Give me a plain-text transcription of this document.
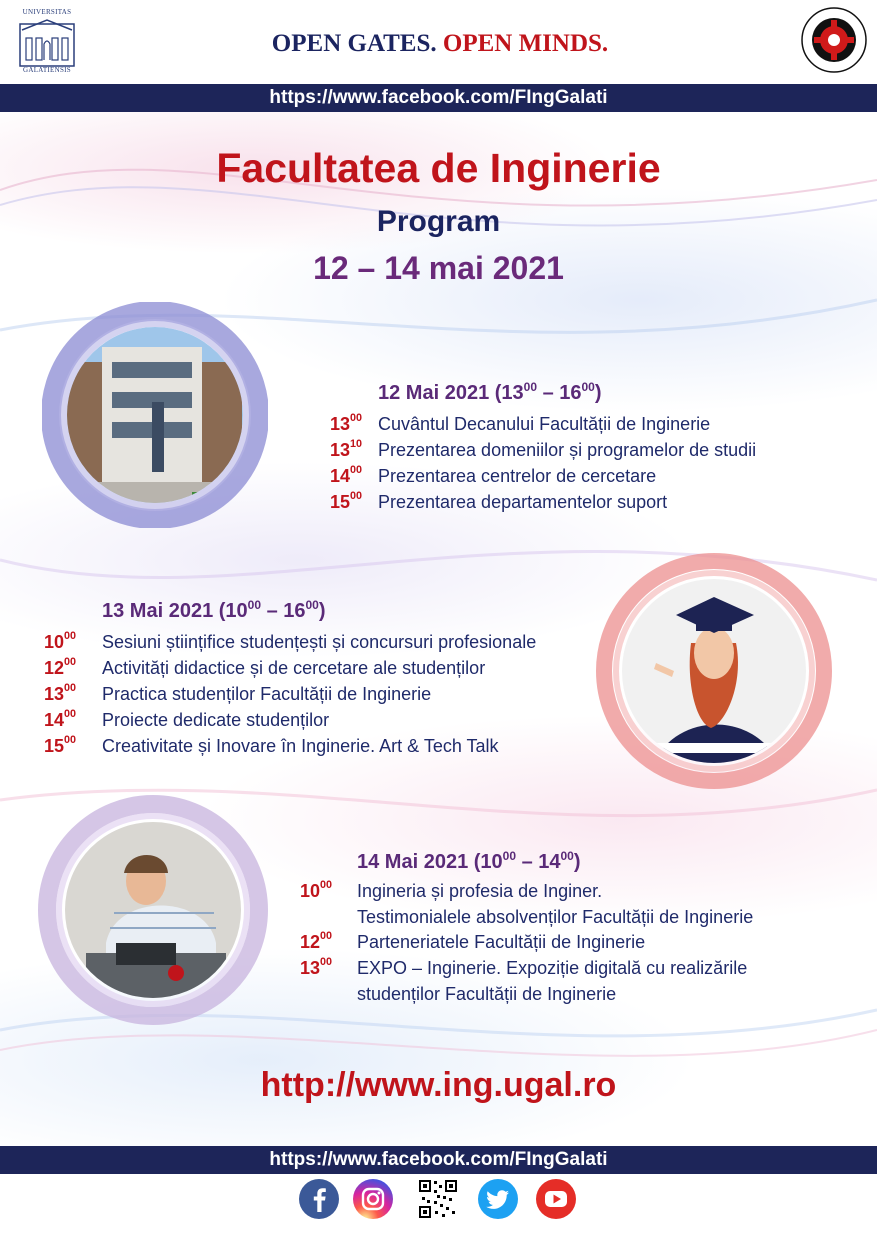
UNIVERSITAS
GALATIENSIS
OPEN GATES. OPEN MINDS.
https://www.facebook.com/FIngGalati
Facultatea de Inginerie
Program
12 – 14 mai 2021
12 Mai 2021 $(13^{00} - 16^{00})$
$13^{00}$ Cuvântul Decanului Facultății de Inginerie
$13^{10}$ Prezentarea domeniilor și programelor de studii
$14^{00}$ Prezentarea centrelor de cercetare
$15^{00}$ Prezentarea departamentelor suport
13 Mai 2021 $(10^{00} - 16^{00})$
$10^{00}$ Sesiuni științifice studențești și concursuri profesionale
$12^{00}$ Activități didactice și de cercetare ale studenților
$13^{00}$ Practica studenților Facultății de Inginerie
$14^{00}$ Proiecte dedicate studenților
$15^{00}$ Creativitate și Inovare în Inginerie. Art & Tech Talk
14 Mai 2021 $(10^{00} - 14^{00})$
$10^{00}$ Ingineria și profesia de Inginer.
Testimonialele absolvenților Facultății de Inginerie
$12^{00}$ Parteneriatele Facultății de Inginerie
$13^{00}$ EXPO – Inginerie. Expoziție digitală cu realizările
studenților Facultății de Inginerie
http://www.ing.ugal.ro
https://www.facebook.com/FIngGalati
